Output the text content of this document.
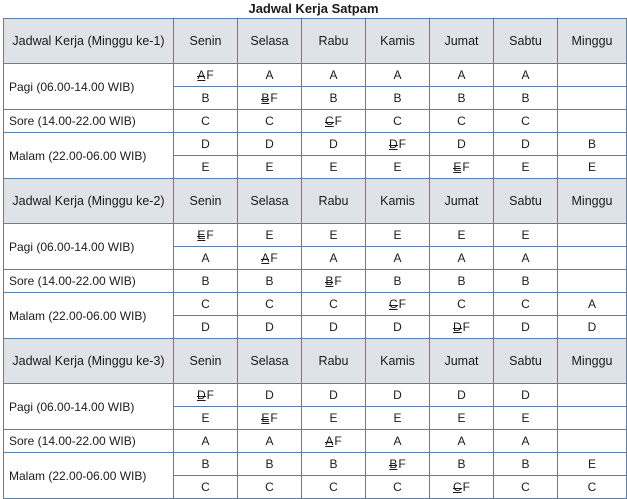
Jadwal Kerja Satpam
Jadwal Kerja (Minggu ke-1)	Senin	Selasa	Rabu	Kamis	Jumat	Sabtu	Minggu
Pagi (06.00-14.00 WIB)	AF	A	A	A	A	A	
	B	BF	B	B	B	B	
Sore (14.00-22.00 WIB)	C	C	CF	C	C	C	
Malam (22.00-06.00 WIB)	D	D	D	DF	D	D	B
	E	E	E	E	EF	E	E
Jadwal Kerja (Minggu ke-2)	Senin	Selasa	Rabu	Kamis	Jumat	Sabtu	Minggu
Pagi (06.00-14.00 WIB)	EF	E	E	E	E	E	
	A	AF	A	A	A	A	
Sore (14.00-22.00 WIB)	B	B	BF	B	B	B	
Malam (22.00-06.00 WIB)	C	C	C	CF	C	C	A
	D	D	D	D	DF	D	D
Jadwal Kerja (Minggu ke-3)	Senin	Selasa	Rabu	Kamis	Jumat	Sabtu	Minggu
Pagi (06.00-14.00 WIB)	DF	D	D	D	D	D	
	E	EF	E	E	E	E	
Sore (14.00-22.00 WIB)	A	A	AF	A	A	A	
Malam (22.00-06.00 WIB)	B	B	B	BF	B	B	E
	C	C	C	C	CF	C	C
